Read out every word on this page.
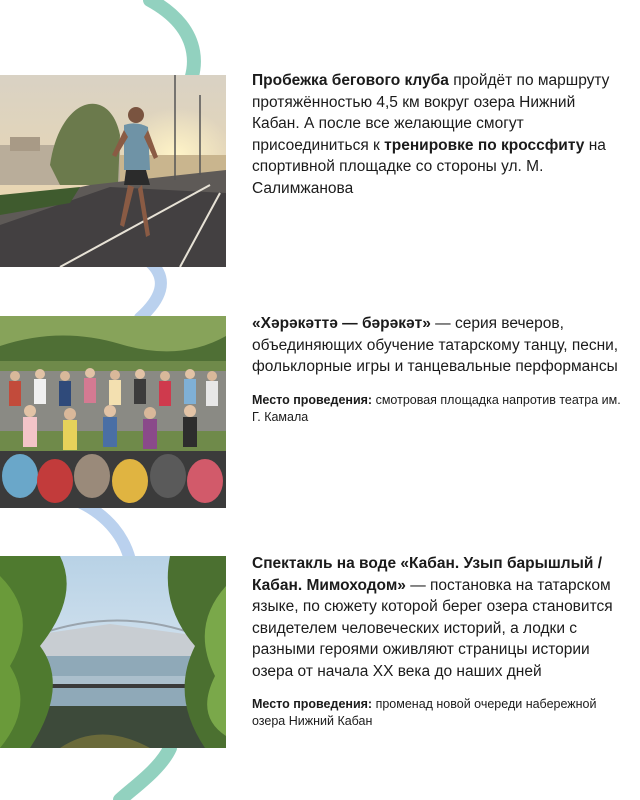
Пробежка бегового клуба пройдёт по маршруту протяжённостью 4,5 км вокруг озера Нижний Кабан. А после все желающие смогут присоединиться к тренировке по кроссфиту на спортивной площадке со стороны ул. М. Салимжанова

«Хәрәкәттә — бәрәкәт» — серия вечеров, объединяющих обучение татарскому танцу, песни, фольклорные игры и танцевальные перформансы

Место проведения: смотровая площадка напротив театра им. Г. Камала

Спектакль на воде «Кабан. Узып барышлый / Кабан. Мимоходом» — постановка на татарском языке, по сюжету которой берег озера становится свидетелем человеческих историй, а лодки с разными героями оживляют страницы истории озера от начала XX века до наших дней

Место проведения: променад новой очереди набережной озера Нижний Кабан
